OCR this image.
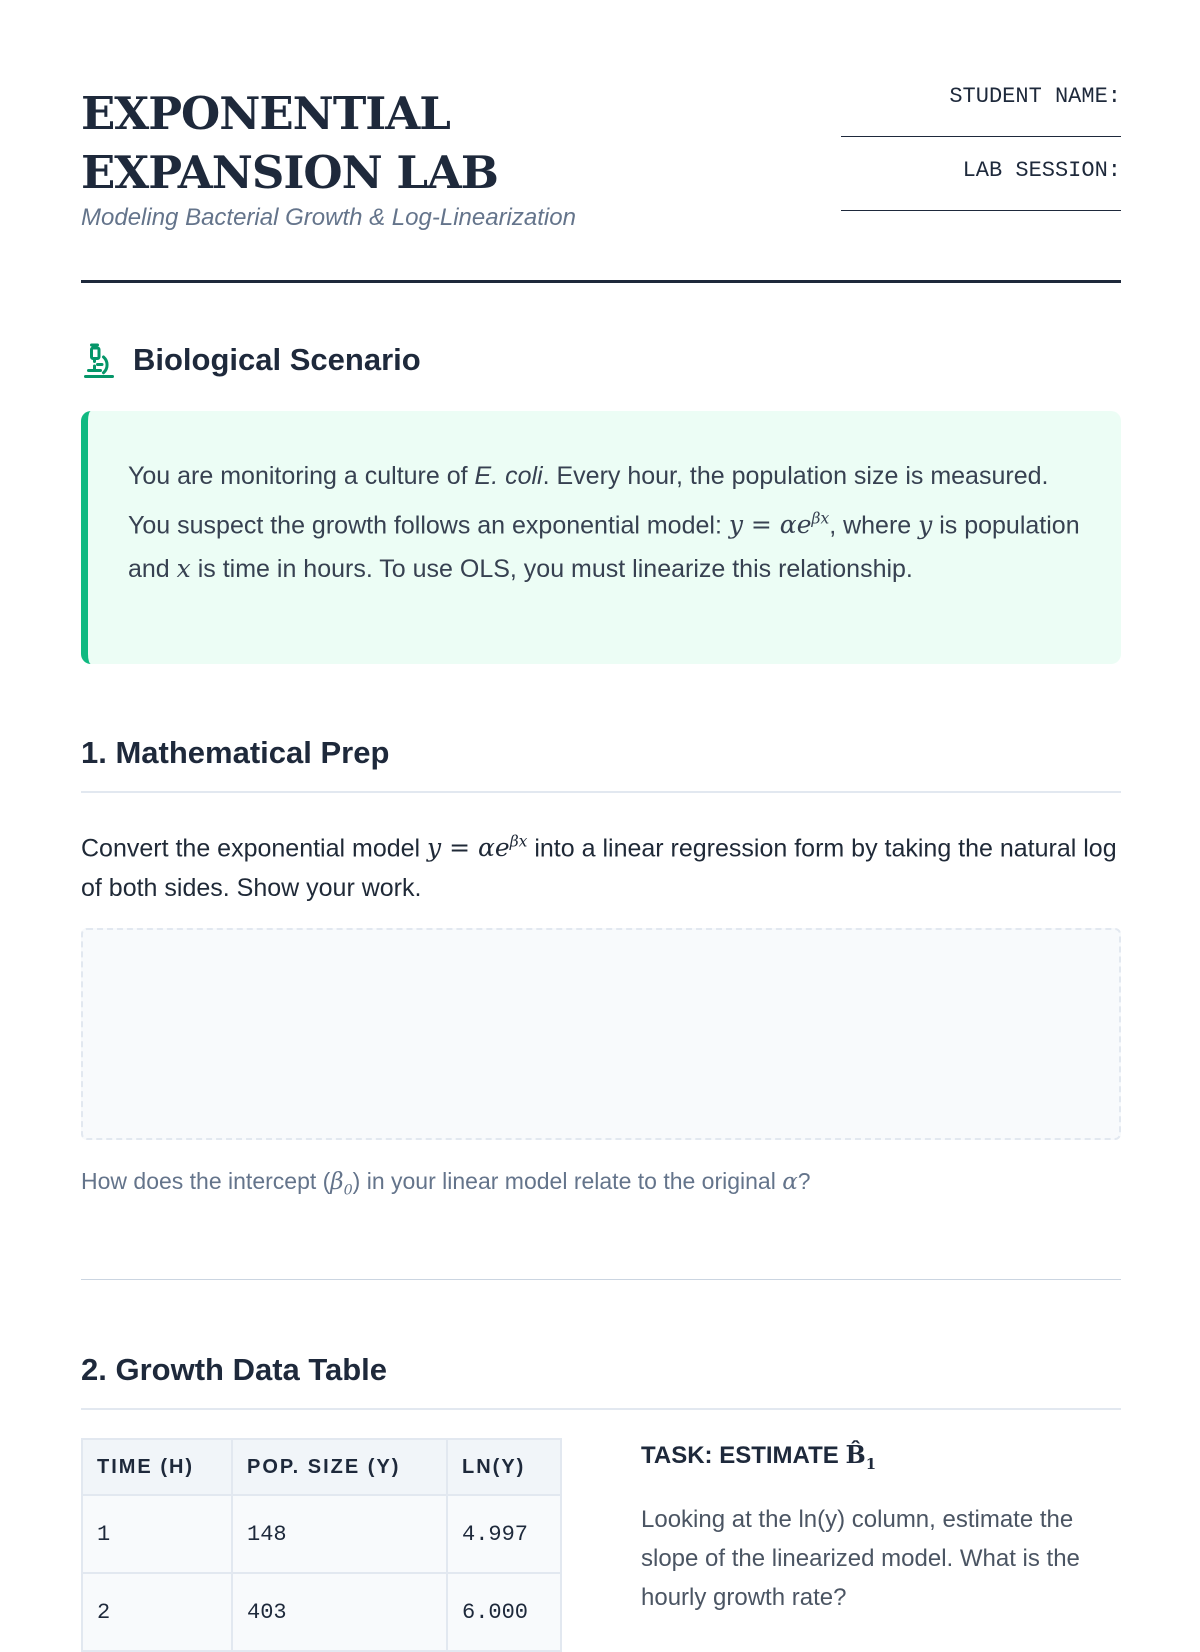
EXPONENTIAL
EXPANSION LAB
Modeling Bacterial Growth & Log-Linearization
STUDENT NAME:
LAB SESSION:
Biological Scenario
You are monitoring a culture of E. coli. Every hour, the population size is measured. You suspect the growth follows an exponential model: $y = \alpha e^{\beta x}$, where y is population and x is time in hours. To use OLS, you must linearize this relationship.
1. Mathematical Prep
Convert the exponential model $y = \alpha e^{\beta x}$ into a linear regression form by taking the natural log of both sides. Show your work.
How does the intercept $(\beta_0)$ in your linear model relate to the original α?
2. Growth Data Table
TIME (H)	POP. SIZE (Y)	LN(Y)
1	148	4.997
2	403	6.000
TASK: ESTIMATE $B̂_1$
Looking at the ln(y) column, estimate the slope of the linearized model. What is the hourly growth rate?
